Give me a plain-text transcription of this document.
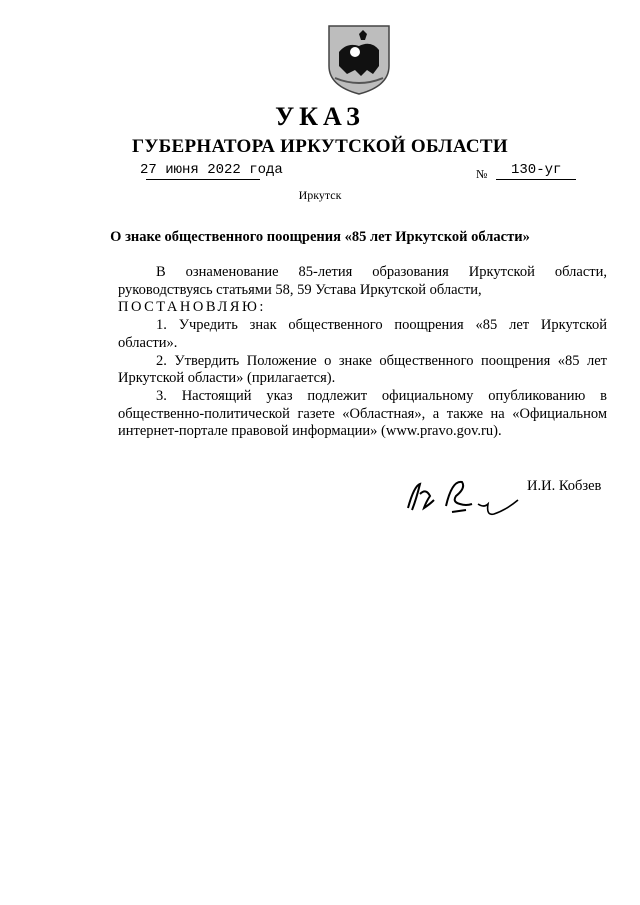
УКАЗ
ГУБЕРНАТОРА ИРКУТСКОЙ ОБЛАСТИ
27 июня 2022 года	№ 130-уг
Иркутск
О знаке общественного поощрения «85 лет Иркутской области»

В ознаменование 85-летия образования Иркутской области, руководствуясь статьями 58, 59 Устава Иркутской области,

ПОСТАНОВЛЯЮ:

1. Учредить знак общественного поощрения «85 лет Иркутской области».

2. Утвердить Положение о знаке общественного поощрения «85 лет Иркутской области» (прилагается).

3. Настоящий указ подлежит официальному опубликованию в общественно-политической газете «Областная», а также на «Официальном интернет-портале правовой информации» (www.pravo.gov.ru).

И.И. Кобзев
